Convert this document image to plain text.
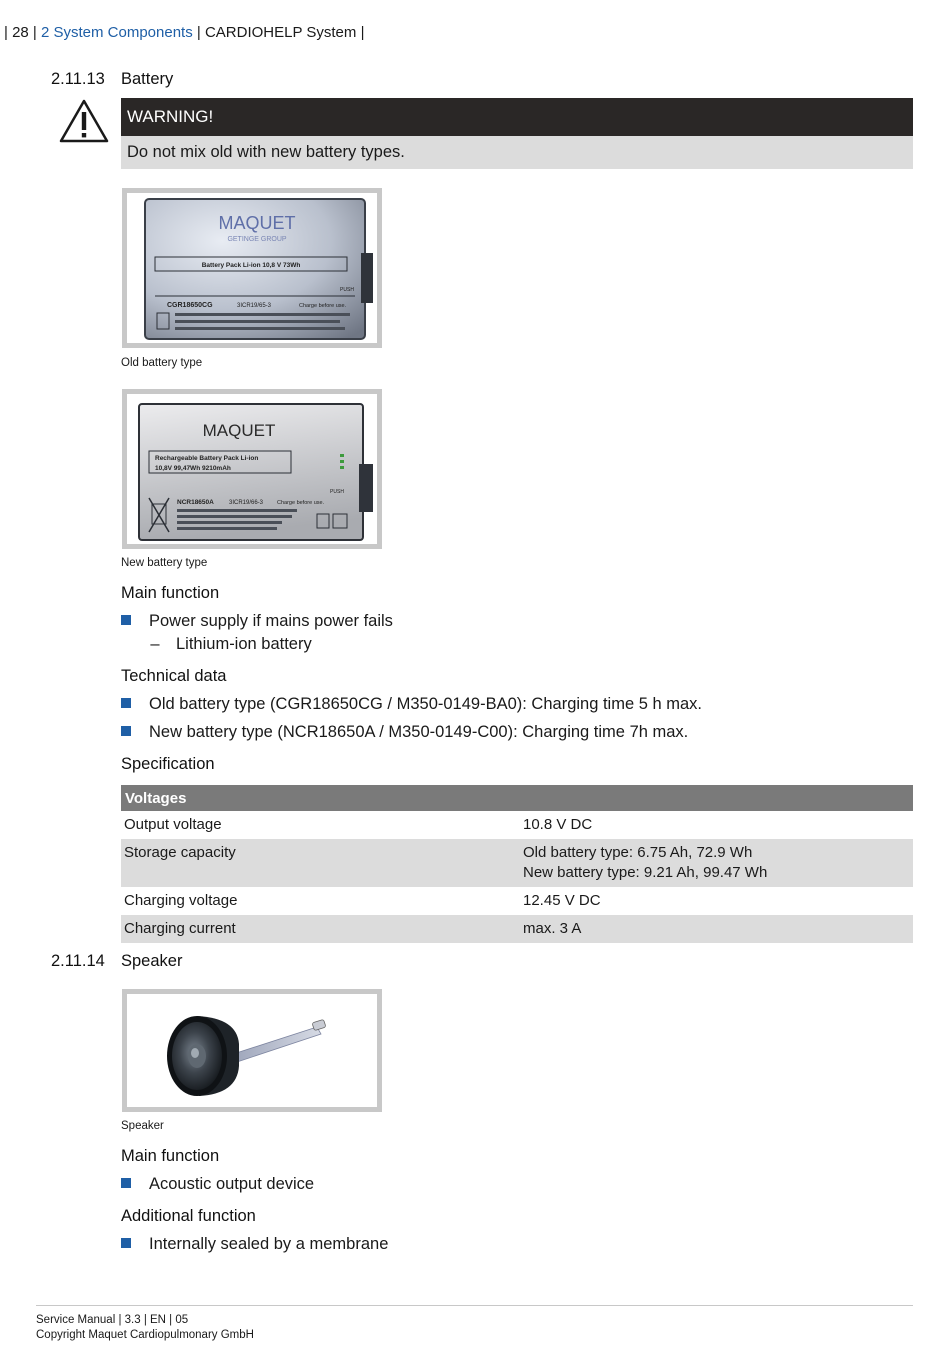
| 28 | 2 System Components | CARDIOHELP System |
2.11.13 Battery
WARNING!
Do not mix old with new battery types.
MAQUET
GETINGE GROUP
Battery Pack Li-ion 10,8 V 73Wh
PUSH
CGR18650CG	3ICR19/65-3	Charge before use.
Old battery type
MAQUET
Rechargeable Battery Pack Li-ion
10,8V 99,47Wh 9210mAh
PUSH
NCR18650A	3ICR19/66-3	Charge before use.
New battery type
Main function
Power supply if mains power fails
– Lithium-ion battery
Technical data
Old battery type (CGR18650CG / M350-0149-BA0): Charging time 5 h max.
New battery type (NCR18650A / M350-0149-C00): Charging time 7h max.
Specification
Voltages	
Output voltage	10.8 V DC
Storage capacity	Old battery type: 6.75 Ah, 72.9 Wh
New battery type: 9.21 Ah, 99.47 Wh

Charging voltage	12.45 V DC
Charging current	max. 3 A
2.11.14 Speaker
Speaker
Main function
Acoustic output device
Additional function
Internally sealed by a membrane
Service Manual | 3.3 | EN | 05
Copyright Maquet Cardiopulmonary GmbH
